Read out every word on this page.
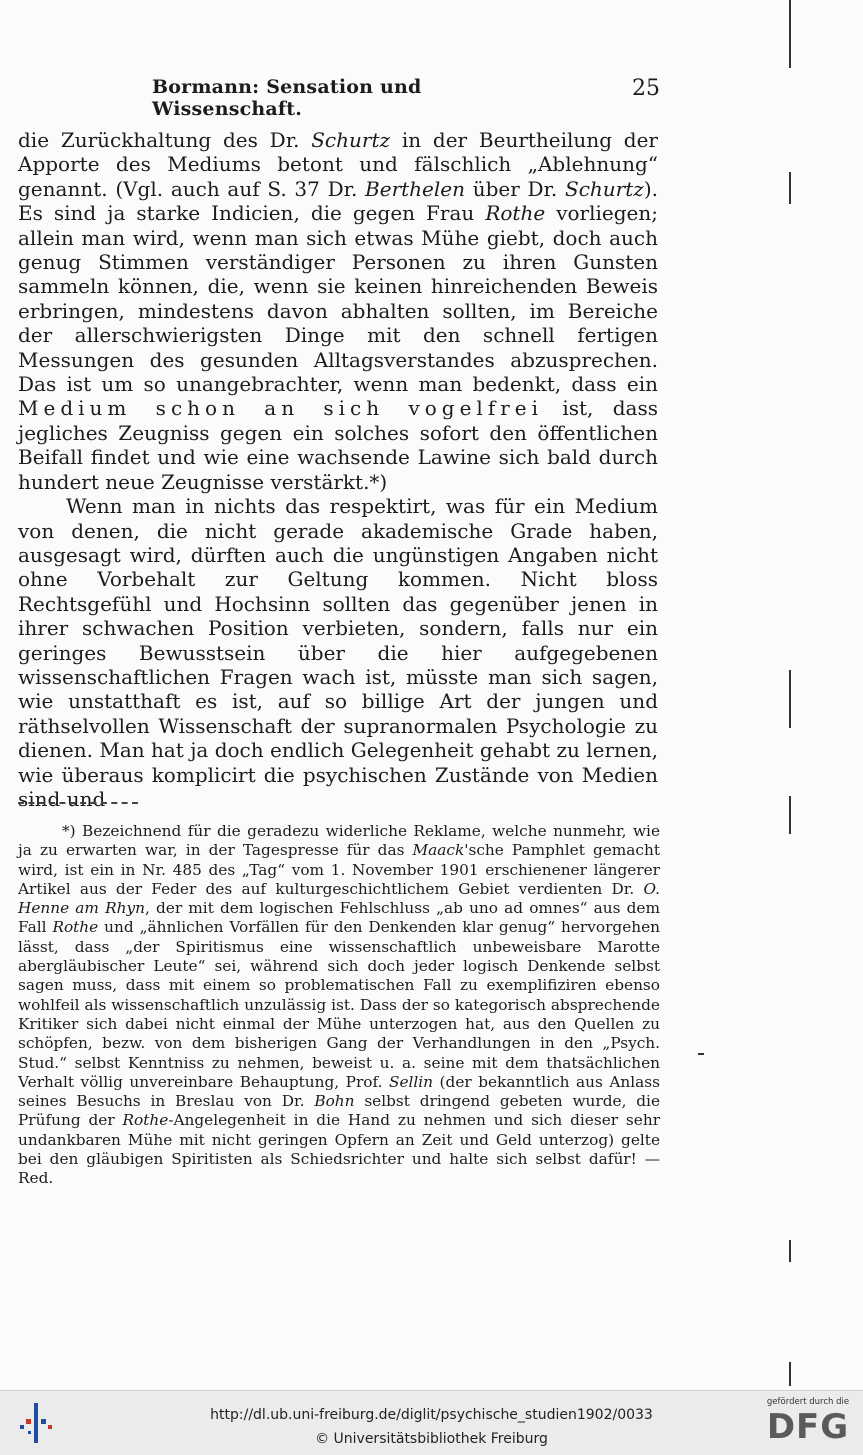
Bormann: Sensation und Wissenschaft.
25

die Zurückhaltung des Dr. Schurtz in der Beurtheilung der Apporte des Mediums betont und fälschlich „Ablehnung“ genannt. (Vgl. auch auf S. 37 Dr. Berthelen über Dr. Schurtz). Es sind ja starke Indicien, die gegen Frau Rothe vorliegen; allein man wird, wenn man sich etwas Mühe giebt, doch auch genug Stimmen verständiger Personen zu ihren Gunsten sammeln können, die, wenn sie keinen hinreichenden Beweis erbringen, mindestens davon abhalten sollten, im Bereiche der allerschwierigsten Dinge mit den schnell fertigen Messungen des gesunden Alltagsverstandes abzusprechen. Das ist um so unangebrachter, wenn man bedenkt, dass ein Medium schon an sich vogelfrei ist, dass jegliches Zeugniss gegen ein solches sofort den öffentlichen Beifall findet und wie eine wachsende Lawine sich bald durch hundert neue Zeugnisse verstärkt.*)

Wenn man in nichts das respektirt, was für ein Medium von denen, die nicht gerade akademische Grade haben, ausgesagt wird, dürften auch die ungünstigen Angaben nicht ohne Vorbehalt zur Geltung kommen. Nicht bloss Rechtsgefühl und Hochsinn sollten das gegenüber jenen in ihrer schwachen Position verbieten, sondern, falls nur ein geringes Bewusstsein über die hier aufgegebenen wissenschaftlichen Fragen wach ist, müsste man sich sagen, wie unstatthaft es ist, auf so billige Art der jungen und räthselvollen Wissenschaft der supranormalen Psychologie zu dienen. Man hat ja doch endlich Gelegenheit gehabt zu lernen, wie überaus komplicirt die psychischen Zustände von Medien sind und

*) Bezeichnend für die geradezu widerliche Reklame, welche nunmehr, wie ja zu erwarten war, in der Tagespresse für das Maack'sche Pamphlet gemacht wird, ist ein in Nr. 485 des „Tag“ vom 1. November 1901 erschienener längerer Artikel aus der Feder des auf kulturgeschichtlichem Gebiet verdienten Dr. O. Henne am Rhyn, der mit dem logischen Fehlschluss „ab uno ad omnes“ aus dem Fall Rothe und „ähnlichen Vorfällen für den Denkenden klar genug“ hervorgehen lässt, dass „der Spiritismus eine wissenschaftlich unbeweisbare Marotte abergläubischer Leute“ sei, während sich doch jeder logisch Denkende selbst sagen muss, dass mit einem so problematischen Fall zu exemplifiziren ebenso wohlfeil als wissenschaftlich unzulässig ist. Dass der so kategorisch absprechende Kritiker sich dabei nicht einmal der Mühe unterzogen hat, aus den Quellen zu schöpfen, bezw. von dem bisherigen Gang der Verhandlungen in den „Psych. Stud.“ selbst Kenntniss zu nehmen, beweist u. a. seine mit dem thatsächlichen Verhalt völlig unvereinbare Behauptung, Prof. Sellin (der bekanntlich aus Anlass seines Besuchs in Breslau von Dr. Bohn selbst dringend gebeten wurde, die Prüfung der Rothe-Angelegenheit in die Hand zu nehmen und sich dieser sehr undankbaren Mühe mit nicht geringen Opfern an Zeit und Geld unterzog) gelte bei den gläubigen Spiritisten als Schiedsrichter und halte sich selbst dafür! — Red.

http://dl.ub.uni-freiburg.de/diglit/psychische_studien1902/0033
© Universitätsbibliothek Freiburg
gefördert durch die
DFG
